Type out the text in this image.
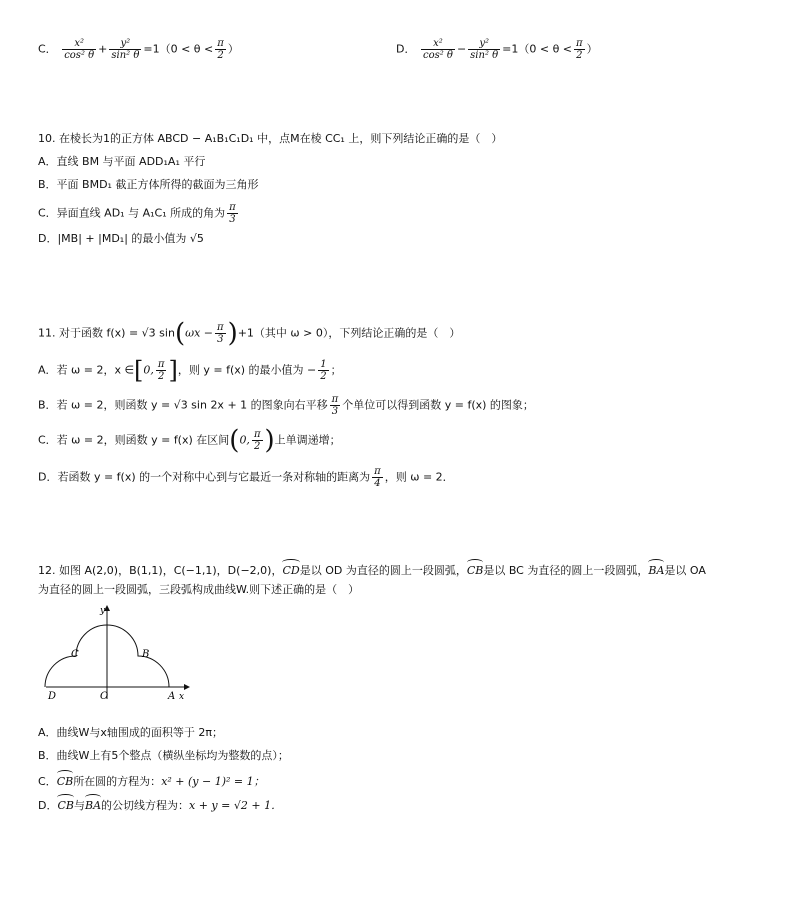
C． $\frac{\text{x²}}{\text{cos² θ}} + \frac{\text{y²}}{\text{sin² θ}} =1(0 < \theta < \frac{\pi}{2}$ ）	D． $\frac{\text{x²}}{\text{cos² θ}} - \frac{\text{y²}}{\text{sin² θ}} =1(0 < \theta < \frac{\pi}{2}$ ）
10. 在棱长为1的正方体 ABCD − A₁B₁C₁D₁ 中，点M在棱 CC₁ 上，则下列结论正确的是（　）
A．直线 BM 与平面 ADD₁A₁ 平行
B．平面 BMD₁ 截正方体所得的截面为三角形
C．异面直线 AD₁ 与 A₁C₁ 所成的角为 $\frac{\pi}{3}$
D．|MB| + |MD₁| 的最小值为 √5
11. 对于函数 f(x) = √3 $\sin(\omega x - \frac{\pi}{3} )+1$（其中 ω > 0），下列结论正确的是（　）
A．若 ω = 2，x ∈[0, $\frac{\pi}{2}$ ]，则 y = f(x) 的最小值为 − $\frac{1}{2}$ ；
B．若 ω = 2，则函数 y = √3 sin 2x + 1 的图象向右平移 $\frac{\pi}{3}$ 个单位可以得到函数 y = f(x) 的图象；
C．若 ω = 2，则函数 y = f(x) 在区间(0, $\frac{\pi}{2}$ )上单调递增；
D．若函数 y = f(x) 的一个对称中心到与它最近一条对称轴的距离为 $\frac{\pi}{4}$ ，则 ω = 2．
12. 如图 A(2,0)，B(1,1)，C(−1,1)，D(−2,0)，CD是以 OD 为直径的圆上一段圆弧，CB是以 BC 为直径的圆上一段圆弧，BA是以 OA
为直径的圆上一段圆弧，三段弧构成曲线W.则下述正确的是（　）
y
C	B
D	O	A x
A．曲线W与x轴围成的面积等于 2π；
B．曲线W上有5个整点（横纵坐标均为整数的点）；
C．CB所在圆的方程为：x² + (y − 1)² = 1；
D．CB与BA的公切线方程为：x + y = √2 + 1．
